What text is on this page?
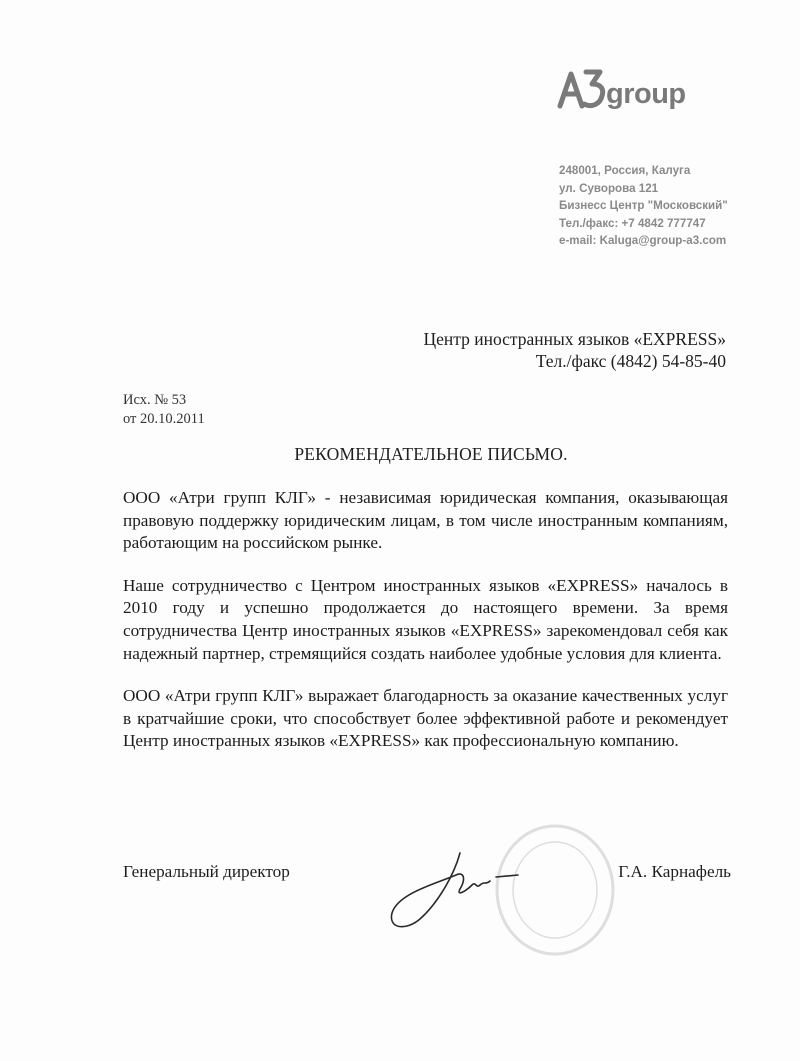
group
248001, Россия, Калуга
ул. Суворова 121
Бизнесс Центр "Московский"
Тел./факс: +7 4842 777747
e-mail: Kaluga@group-a3.com
Центр иностранных языков «EXPRESS»
Тел./факс (4842) 54-85-40
Исх. № 53
от 20.10.2011
РЕКОМЕНДАТЕЛЬНОЕ ПИСЬМО.

ООО «Атри групп КЛГ» - независимая юридическая компания, оказывающая правовую поддержку юридическим лицам, в том числе иностранным компаниям, работающим на российском рынке.

Наше сотрудничество с Центром иностранных языков «EXPRESS» началось в 2010 году и успешно продолжается до настоящего времени. За время сотрудничества Центр иностранных языков «EXPRESS» зарекомендовал себя как надежный партнер, стремящийся создать наиболее удобные условия для клиента.

ООО «Атри групп КЛГ» выражает благодарность за оказание качественных услуг в кратчайшие сроки, что способствует более эффективной работе и рекомендует Центр иностранных языков «EXPRESS» как профессиональную компанию.

Генеральный директор	Г.А. Карнафель
